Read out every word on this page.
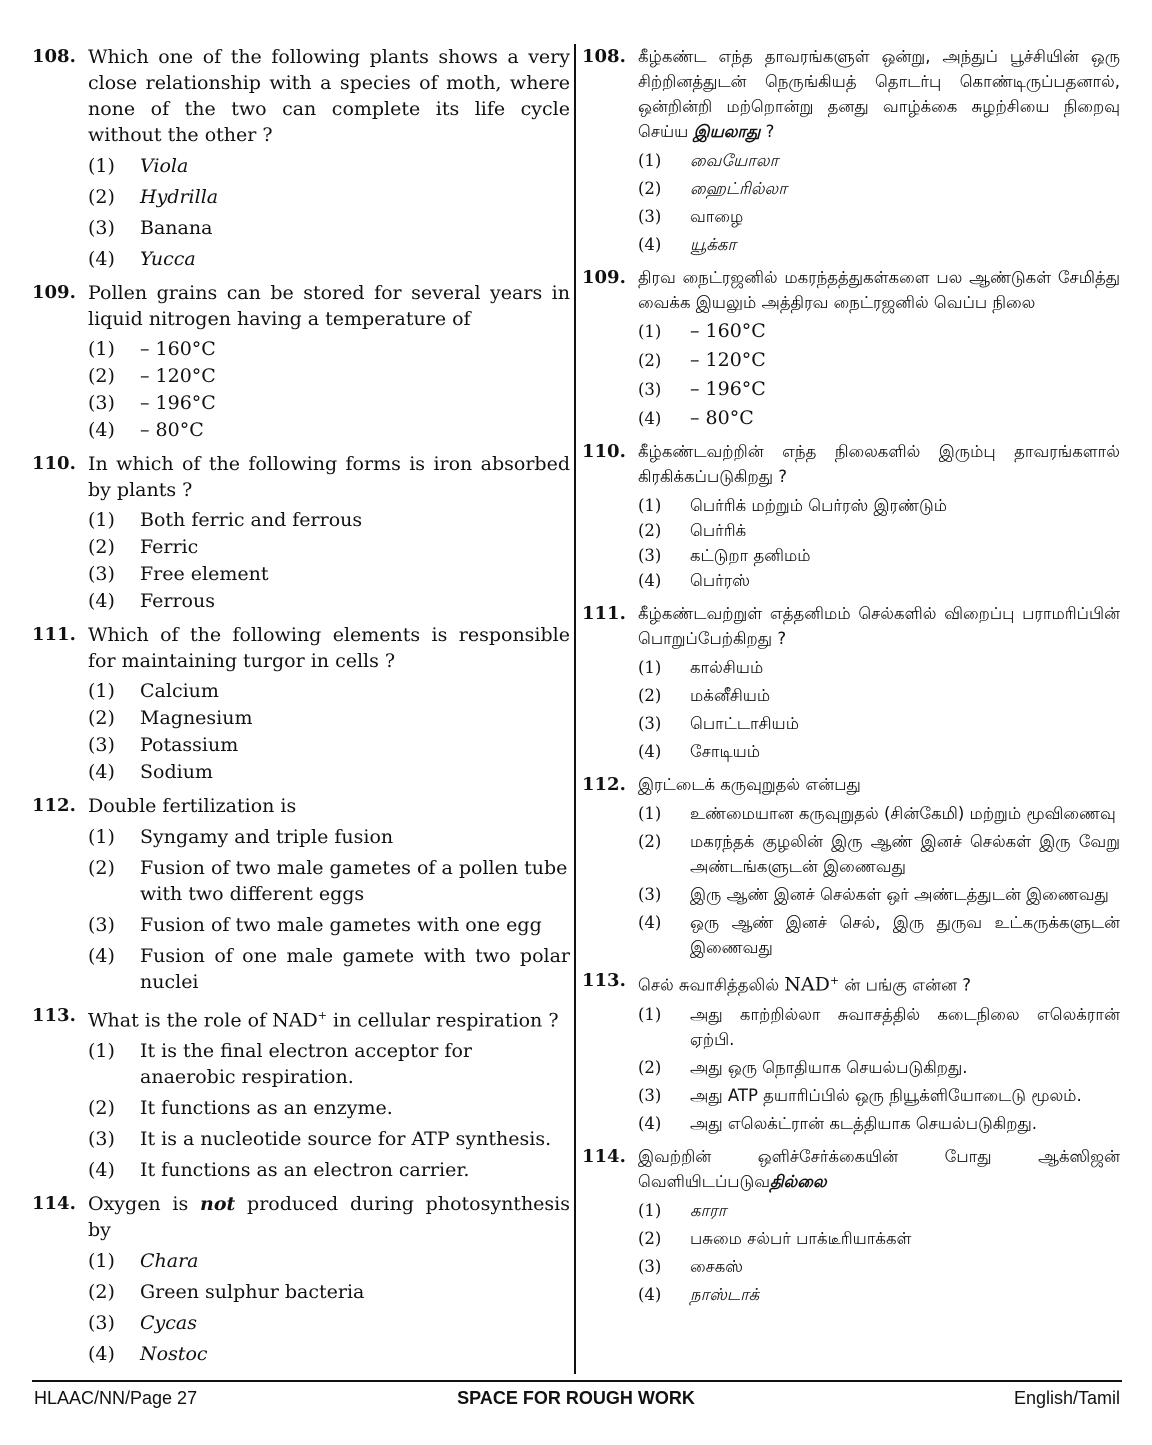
108. Which one of the following plants shows a very close relationship with a species of moth, where none of the two can complete its life cycle without the other ?
(1) Viola
(2) Hydrilla
(3) Banana
(4) Yucca
109. Pollen grains can be stored for several years in liquid nitrogen having a temperature of
(1) – 160°C
(2) – 120°C
(3) – 196°C
(4) – 80°C
110. In which of the following forms is iron absorbed by plants ?
(1) Both ferric and ferrous
(2) Ferric
(3) Free element
(4) Ferrous
111. Which of the following elements is responsible for maintaining turgor in cells ?
(1) Calcium
(2) Magnesium
(3) Potassium
(4) Sodium
112. Double fertilization is
(1) Syngamy and triple fusion
(2) Fusion of two male gametes of a pollen tube with two different eggs
(3) Fusion of two male gametes with one egg
(4) Fusion of one male gamete with two polar nuclei
113. What is the role of NAD+ in cellular respiration ?
(1) It is the final electron acceptor for anaerobic respiration.
(2) It functions as an enzyme.
(3) It is a nucleotide source for ATP synthesis.
(4) It functions as an electron carrier.
114. Oxygen is not produced during photosynthesis by
(1) Chara
(2) Green sulphur bacteria
(3) Cycas
(4) Nostoc
108. கீழ்கண்ட எந்த தாவரங்களுள் ஒன்று, அந்துப் பூச்சியின் ஒரு சிற்றினத்துடன் நெருங்கியத் தொடர்பு கொண்டிருப்பதனால், ஒன்றின்றி மற்றொன்று தனது வாழ்க்கை சுழற்சியை நிறைவு செய்ய இயலாது ?
(1) வையோலா
(2) ஹைட்ரில்லா
(3) வாழை
(4) யூக்கா
109. திரவ நைட்ரஜனில் மகரந்தத்துகள்களை பல ஆண்டுகள் சேமித்து வைக்க இயலும் அத்திரவ நைட்ரஜனில் வெப்ப நிலை
(1) – 160°C
(2) – 120°C
(3) – 196°C
(4) – 80°C
110. கீழ்கண்டவற்றின் எந்த நிலைகளில் இரும்பு தாவரங்களால் கிரகிக்கப்படுகிறது ?
(1) பெர்ரிக் மற்றும் பெர்ரஸ் இரண்டும்
(2) பெர்ரிக்
(3) கட்டுறா தனிமம்
(4) பெர்ரஸ்
111. கீழ்கண்டவற்றுள் எத்தனிமம் செல்களில் விறைப்பு பராமரிப்பின் பொறுப்பேற்கிறது ?
(1) கால்சியம்
(2) மக்னீசியம்
(3) பொட்டாசியம்
(4) சோடியம்
112. இரட்டைக் கருவுறுதல் என்பது
(1) உண்மையான கருவுறுதல் (சின்கேமி) மற்றும் மூவிணைவு
(2) மகரந்தக் குழலின் இரு ஆண் இனச் செல்கள் இரு வேறு அண்டங்களுடன் இணைவது
(3) இரு ஆண் இனச் செல்கள் ஒர் அண்டத்துடன் இணைவது
(4) ஒரு ஆண் இனச் செல், இரு துருவ உட்கருக்களுடன் இணைவது
113. செல் சுவாசித்தலில் NAD+ ன் பங்கு என்ன ?
(1) அது காற்றில்லா சுவாசத்தில் கடைநிலை எலெக்ரான் ஏற்பி.
(2) அது ஒரு நொதியாக செயல்படுகிறது.
(3) அது ATP தயாரிப்பில் ஒரு நியூக்ளியோடைடு மூலம்.
(4) அது எலெக்ட்ரான் கடத்தியாக செயல்படுகிறது.
114. இவற்றின் ஒளிச்சேர்க்கையின் போது ஆக்ஸிஜன் வெளியிடப்படுவதில்லை
(1) காரா
(2) பசுமை சல்பர் பாக்டீரியாக்கள்
(3) சைகஸ்
(4) நாஸ்டாக்
HLAAC/NN/Page 27	SPACE FOR ROUGH WORK	English/Tamil
